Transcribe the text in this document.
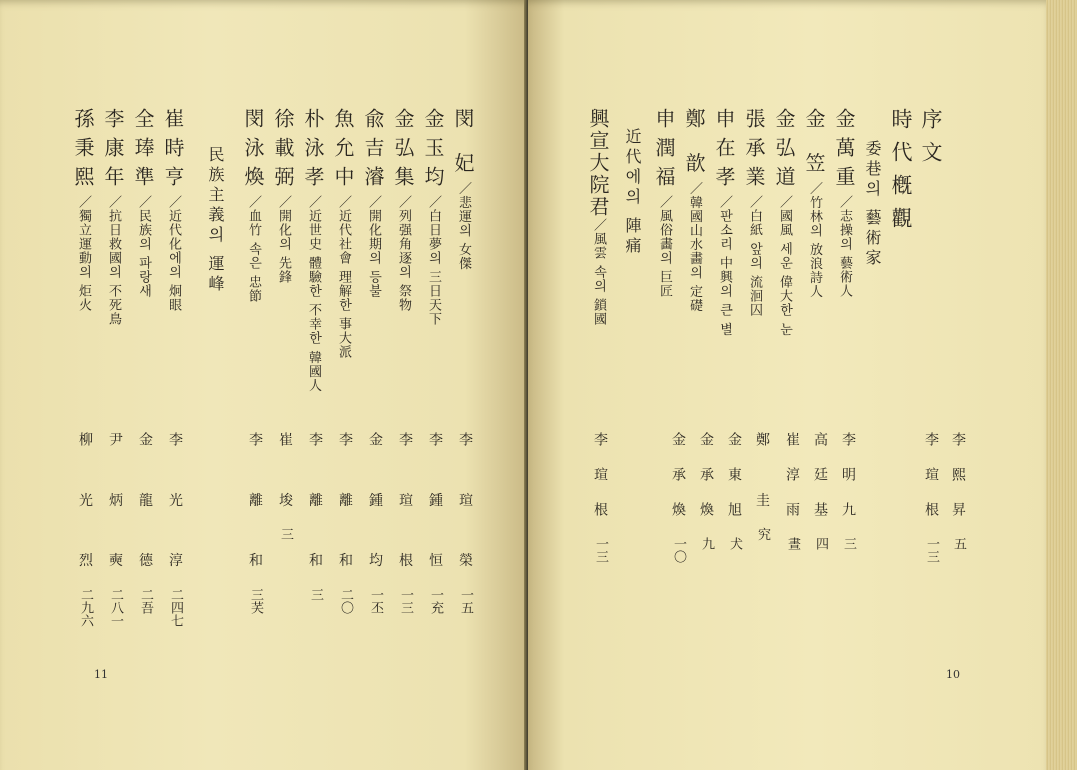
閔 妃／悲運의 女傑
金玉均／白日夢의 三日天下
金弘集／列强角逐의 祭物
兪吉濬／開化期의 등불
魚允中／近代社會 理解한 事大派
朴泳孝／近世史 體驗한 不幸한 韓國人
徐載弼／開化의 先鋒
閔泳煥／血竹 속은 忠節
民族主義의 運峰
崔時亨／近代化에의 炯眼
全琫準／民族의 파랑새
李康年／抗日救國의 不死鳥
孫秉熙／獨立運動의 炬火
李 瑄 榮一五
李 鍾 恒一充
李 瑄 根一三
金 鍾 均一丕
李 離 和二〇
李 離 和三
崔 埈三
李 離 和三芺
李 光 淳二四七
金 龍 德二吾
尹 炳 奭二八一
柳 光 烈二九六
11
序文
時代槪觀
委巷의 藝術家
金萬重／志操의 藝術人
金 笠／竹林의 放浪詩人
金弘道／國風 세운 偉大한 눈
張承業／白紙 앞의 流洄囚
申在孝／판소리 中興의 큰 별
鄭 歆／韓國山水畵의 定礎
申潤福／風俗畵의 巨匠
近代에의 陣痛
興宣大院君／風雲 속의 鎖國
李熙昇五
李瑄根一三
李明九三
高廷基四
崔淳雨晝
鄭 圭究
金東旭犬
金承煥九
金承煥一〇
李瑄根一三
10
